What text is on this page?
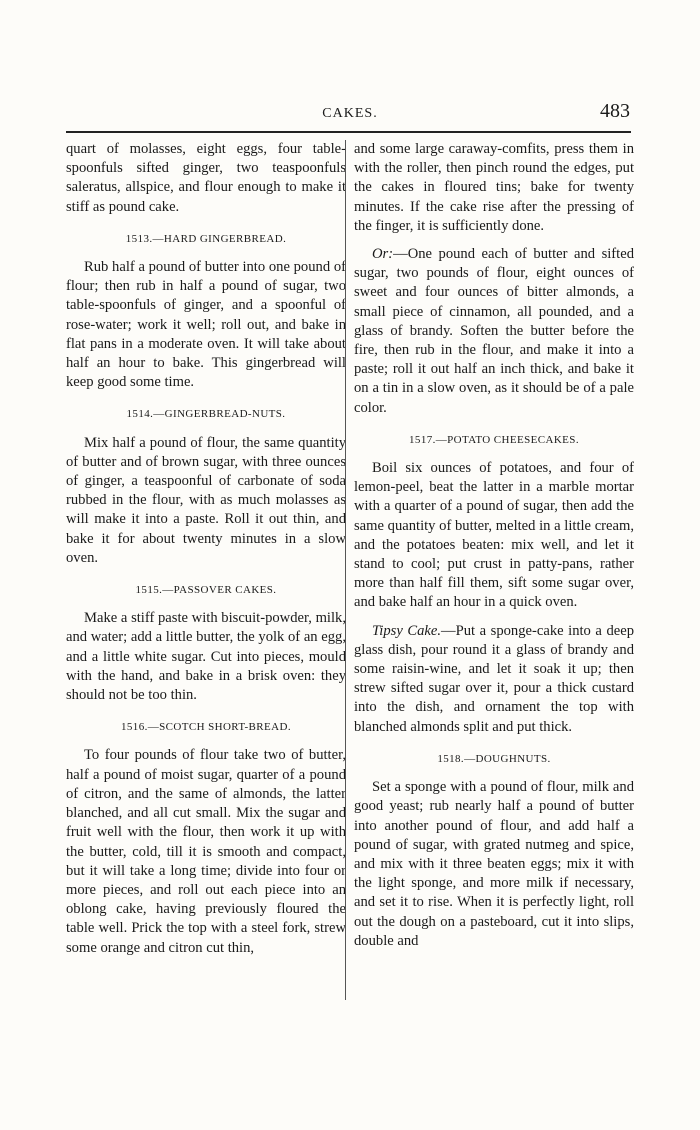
CAKES.	483

quart of molasses, eight eggs, four table-spoonfuls sifted ginger, two teaspoonfuls saleratus, allspice, and flour enough to make it stiff as pound cake.

1513.—HARD GINGERBREAD.

Rub half a pound of butter into one pound of flour; then rub in half a pound of sugar, two table-spoonfuls of ginger, and a spoonful of rose-water; work it well; roll out, and bake in flat pans in a moderate oven. It will take about half an hour to bake. This gingerbread will keep good some time.

1514.—GINGERBREAD-NUTS.

Mix half a pound of flour, the same quantity of butter and of brown sugar, with three ounces of ginger, a teaspoonful of carbonate of soda rubbed in the flour, with as much molasses as will make it into a paste. Roll it out thin, and bake it for about twenty minutes in a slow oven.

1515.—PASSOVER CAKES.

Make a stiff paste with biscuit-powder, milk, and water; add a little butter, the yolk of an egg, and a little white sugar. Cut into pieces, mould with the hand, and bake in a brisk oven: they should not be too thin.

1516.—SCOTCH SHORT-BREAD.

To four pounds of flour take two of butter, half a pound of moist sugar, quarter of a pound of citron, and the same of almonds, the latter blanched, and all cut small. Mix the sugar and fruit well with the flour, then work it up with the butter, cold, till it is smooth and compact, but it will take a long time; divide into four or more pieces, and roll out each piece into an oblong cake, having previously floured the table well. Prick the top with a steel fork, strew some orange and citron cut thin,

and some large caraway-comfits, press them in with the roller, then pinch round the edges, put the cakes in floured tins; bake for twenty minutes. If the cake rise after the pressing of the finger, it is sufficiently done.

Or:—One pound each of butter and sifted sugar, two pounds of flour, eight ounces of sweet and four ounces of bitter almonds, a small piece of cinnamon, all pounded, and a glass of brandy. Soften the butter before the fire, then rub in the flour, and make it into a paste; roll it out half an inch thick, and bake it on a tin in a slow oven, as it should be of a pale color.

1517.—POTATO CHEESECAKES.

Boil six ounces of potatoes, and four of lemon-peel, beat the latter in a marble mortar with a quarter of a pound of sugar, then add the same quantity of butter, melted in a little cream, and the potatoes beaten: mix well, and let it stand to cool; put crust in patty-pans, rather more than half fill them, sift some sugar over, and bake half an hour in a quick oven.

Tipsy Cake.—Put a sponge-cake into a deep glass dish, pour round it a glass of brandy and some raisin-wine, and let it soak it up; then strew sifted sugar over it, pour a thick custard into the dish, and ornament the top with blanched almonds split and put thick.

1518.—DOUGHNUTS.

Set a sponge with a pound of flour, milk and good yeast; rub nearly half a pound of butter into another pound of flour, and add half a pound of sugar, with grated nutmeg and spice, and mix with it three beaten eggs; mix it with the light sponge, and more milk if necessary, and set it to rise. When it is perfectly light, roll out the dough on a pasteboard, cut it into slips, double and
